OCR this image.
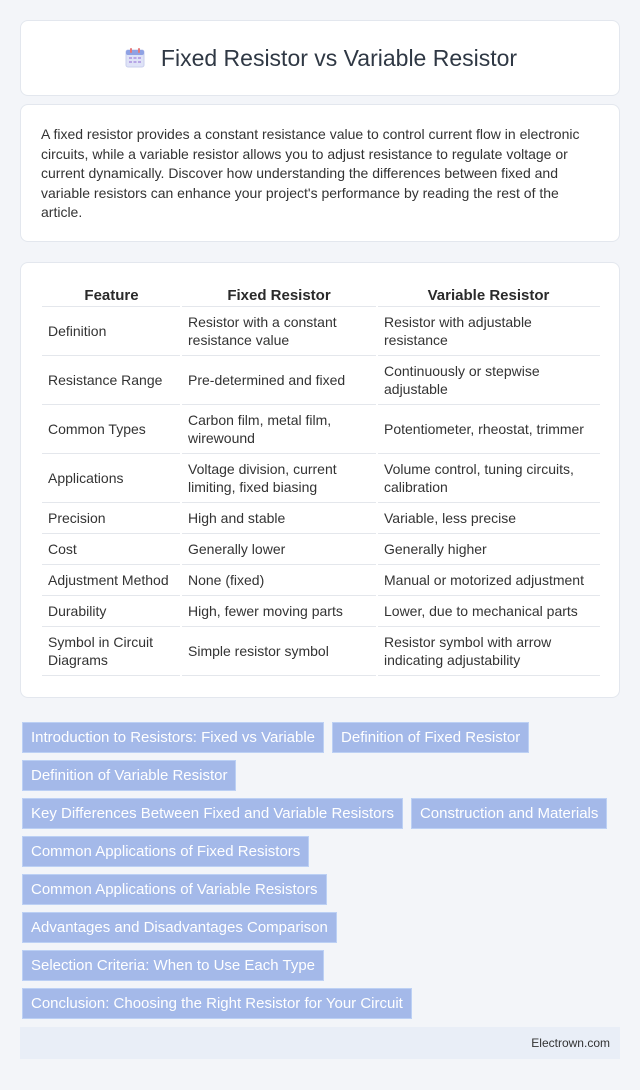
Fixed Resistor vs Variable Resistor

A fixed resistor provides a constant resistance value to control current flow in electronic circuits, while a variable resistor allows you to adjust resistance to regulate voltage or current dynamically. Discover how understanding the differences between fixed and variable resistors can enhance your project's performance by reading the rest of the article.

Feature	Fixed Resistor	Variable Resistor
Definition	Resistor with a constant resistance value	Resistor with adjustable resistance
Resistance Range	Pre-determined and fixed	Continuously or stepwise adjustable
Common Types	Carbon film, metal film, wirewound	Potentiometer, rheostat, trimmer
Applications	Voltage division, current limiting, fixed biasing	Volume control, tuning circuits, calibration
Precision	High and stable	Variable, less precise
Cost	Generally lower	Generally higher
Adjustment Method	None (fixed)	Manual or motorized adjustment
Durability	High, fewer moving parts	Lower, due to mechanical parts
Symbol in Circuit Diagrams	Simple resistor symbol	Resistor symbol with arrow indicating adjustability
Introduction to Resistors: Fixed vs Variable	Definition of Fixed Resistor
Definition of Variable Resistor
Key Differences Between Fixed and Variable Resistors	Construction and Materials
Common Applications of Fixed Resistors
Common Applications of Variable Resistors
Advantages and Disadvantages Comparison
Selection Criteria: When to Use Each Type
Conclusion: Choosing the Right Resistor for Your Circuit
Electrown.com
